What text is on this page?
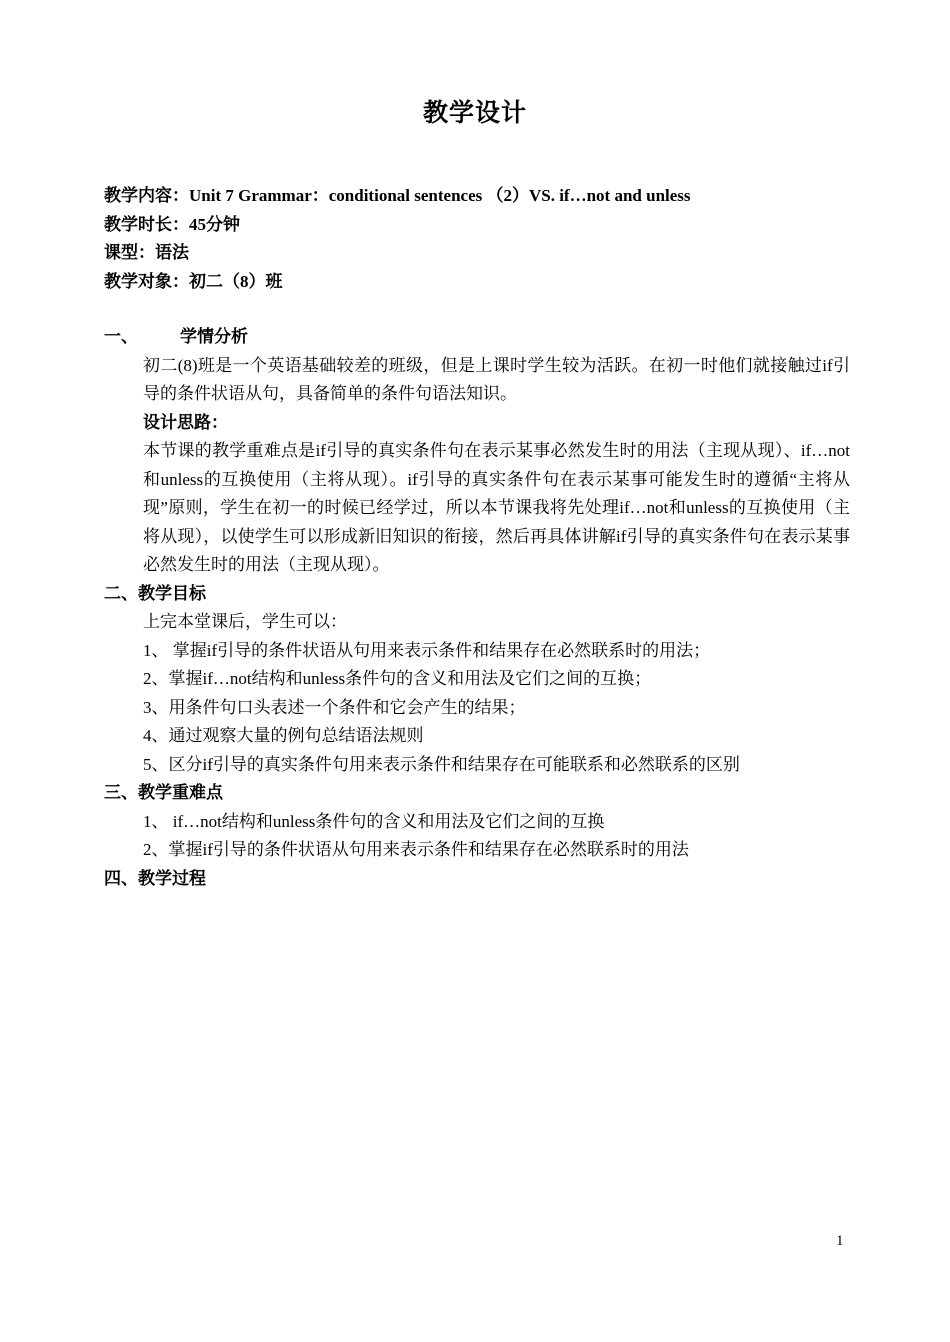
教学设计
教学内容：Unit 7 Grammar：conditional sentences （2）VS. if…not and unless
教学时长：45分钟
课型：语法
教学对象：初二（8）班
一、 学情分析
初二(8)班是一个英语基础较差的班级，但是上课时学生较为活跃。在初一时他们就接触过if引导的条件状语从句，具备简单的条件句语法知识。
设计思路：
本节课的教学重难点是if引导的真实条件句在表示某事必然发生时的用法（主现从现）、if…not和unless的互换使用（主将从现）。if引导的真实条件句在表示某事可能发生时的遵循“主将从现”原则，学生在初一的时候已经学过，所以本节课我将先处理if…not和unless的互换使用（主将从现），以使学生可以形成新旧知识的衔接，然后再具体讲解if引导的真实条件句在表示某事必然发生时的用法（主现从现）。
二、教学目标
上完本堂课后，学生可以：
1、 掌握if引导的条件状语从句用来表示条件和结果存在必然联系时的用法；
2、掌握if…not结构和unless条件句的含义和用法及它们之间的互换；
3、用条件句口头表述一个条件和它会产生的结果；
4、通过观察大量的例句总结语法规则
5、区分if引导的真实条件句用来表示条件和结果存在可能联系和必然联系的区别
三、教学重难点
1、 if…not结构和unless条件句的含义和用法及它们之间的互换
2、掌握if引导的条件状语从句用来表示条件和结果存在必然联系时的用法
四、教学过程
1
